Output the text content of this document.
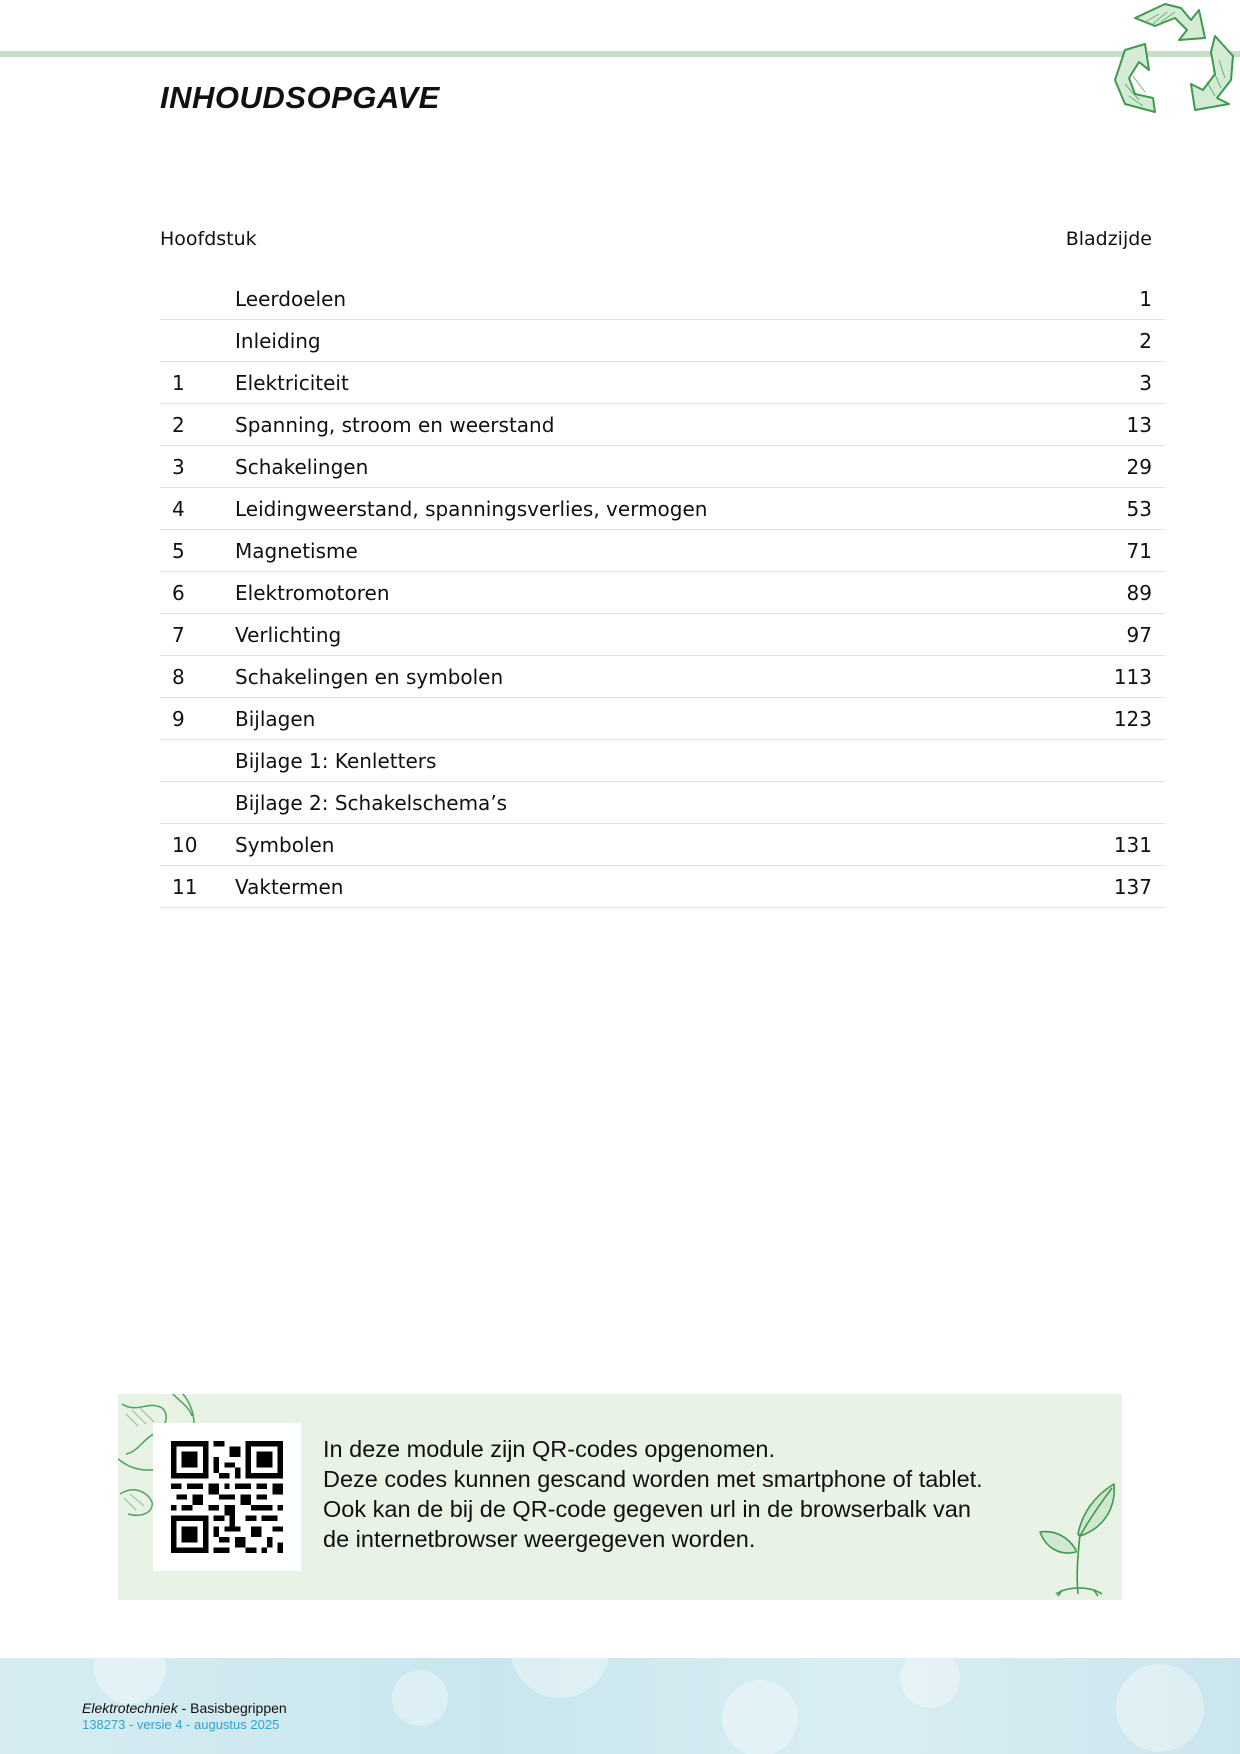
INHOUDSOPGAVE
Hoofdstuk	Bladzijde
Leerdoelen	1
Inleiding	2
1	Elektriciteit	3
2	Spanning, stroom en weerstand	13
3	Schakelingen	29
4	Leidingweerstand, spanningsverlies, vermogen	53
5	Magnetisme	71
6	Elektromotoren	89
7	Verlichting	97
8	Schakelingen en symbolen	113
9	Bijlagen	123
Bijlage 1: Kenletters
Bijlage 2: Schakelschema’s
10	Symbolen	131
11	Vaktermen	137

In deze module zijn QR-codes opgenomen.

Deze codes kunnen gescand worden met smartphone of tablet.

Ook kan de bij de QR-code gegeven url in de browserbalk van

de internetbrowser weergegeven worden.

Elektrotechniek - Basisbegrippen
138273 - versie 4 - augustus 2025
